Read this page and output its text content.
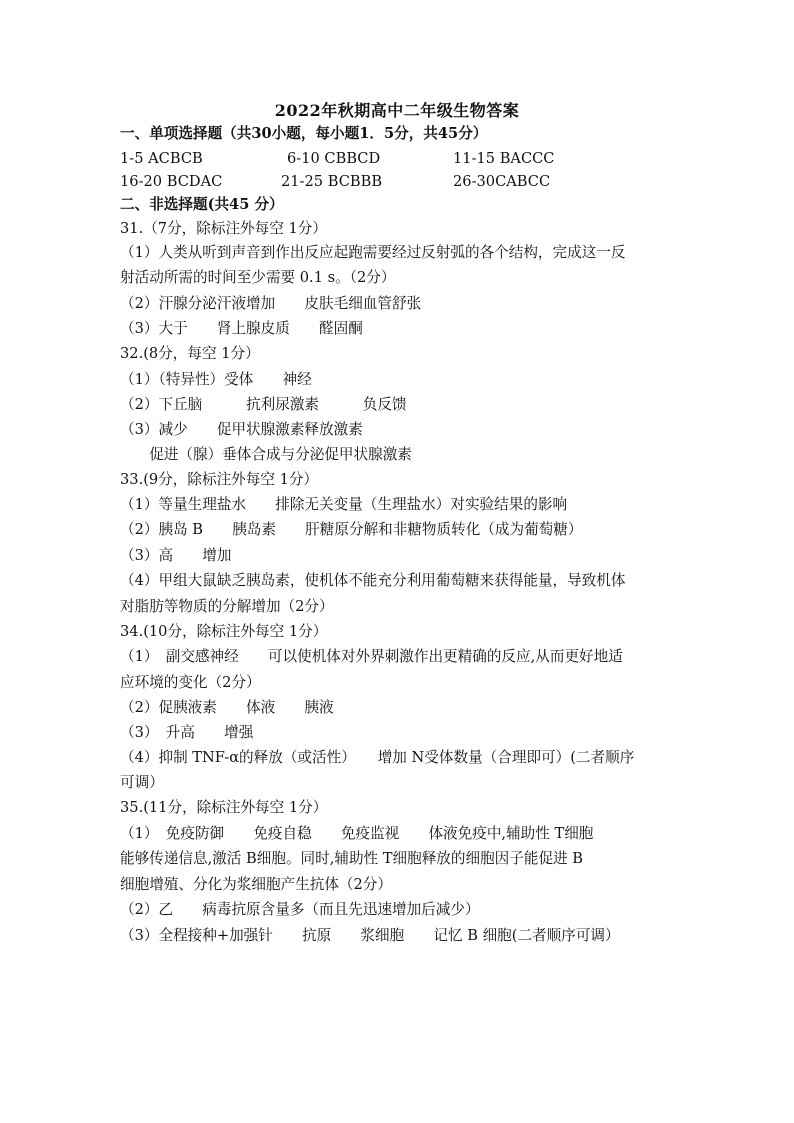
2022年秋期高中二年级生物答案
一、单项选择题（共30小题，每小题1．5分，共45分）
1-5 ACBCB	6-10 CBBCD	11-15 BACCC
16-20 BCDAC	21-25 BCBBB	26-30CABCC
二、非选择题(共45 分）
31.（7分，除标注外每空 1分）
（1）人类从听到声音到作出反应起跑需要经过反射弧的各个结构，完成这一反
射活动所需的时间至少需要 0.1 s。（2分）
（2）汗腺分泌汗液增加　　皮肤毛细血管舒张
（3）大于　　肾上腺皮质　　醛固酮
32.(8分，每空 1分）
（1）（特异性）受体　　神经
（2）下丘脑　　　抗利尿激素　　　负反馈
（3）减少　　促甲状腺激素释放激素
　　促进（腺）垂体合成与分泌促甲状腺激素
33.(9分，除标注外每空 1分）
（1）等量生理盐水　　排除无关变量（生理盐水）对实验结果的影响
（2）胰岛 B　　胰岛素　　肝糖原分解和非糖物质转化（成为葡萄糖）
（3）高　　增加
（4）甲组大鼠缺乏胰岛素，使机体不能充分利用葡萄糖来获得能量，导致机体
对脂肪等物质的分解增加（2分）
34.(10分，除标注外每空 1分）
（1）　副交感神经　　可以使机体对外界刺激作出更精确的反应,从而更好地适
应环境的变化（2分）
（2）促胰液素　　体液　　胰液
（3）　升高　　增强
（4）抑制 TNF-α的释放（或活性）　　增加 N受体数量（合理即可）(二者顺序
可调）
35.(11分，除标注外每空 1分）
（1）　免疫防御　　免疫自稳　　免疫监视　　体液免疫中,辅助性 T细胞
能够传递信息,激活 B细胞。同时,辅助性 T细胞释放的细胞因子能促进 B
细胞增殖、分化为浆细胞产生抗体（2分）
（2）乙　　病毒抗原含量多（而且先迅速增加后减少）
（3）全程接种+加强针　　抗原　　浆细胞　　记忆 B 细胞(二者顺序可调）
